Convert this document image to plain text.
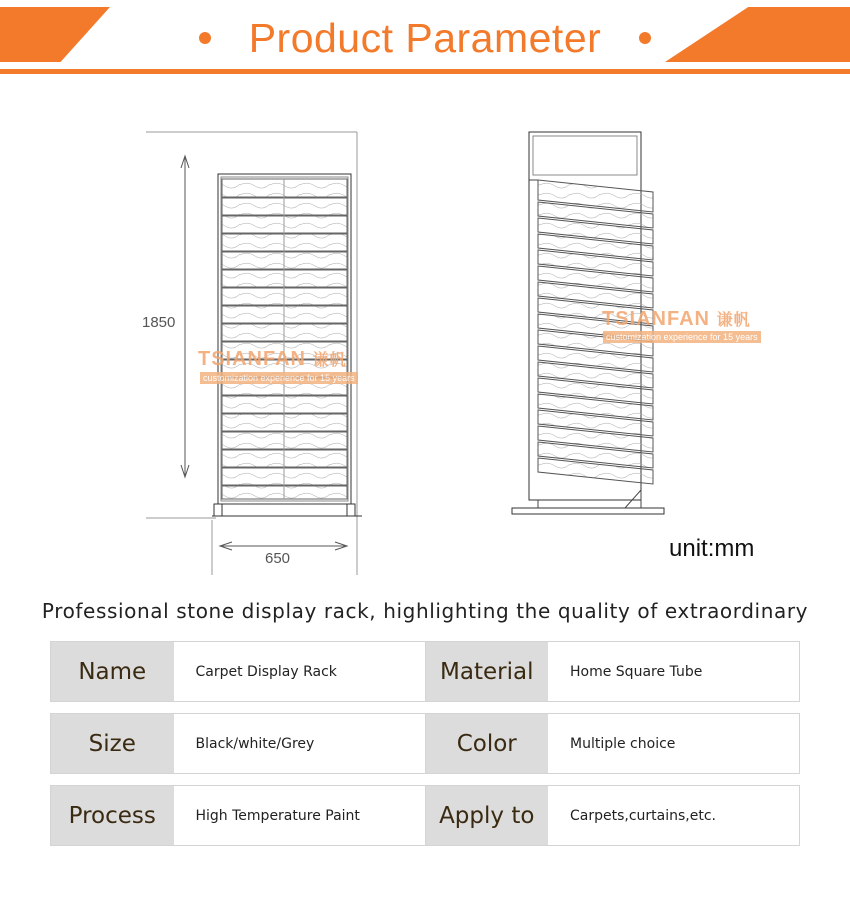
Product Parameter
1850
650
TSIANFAN 谦帆
customization experience for 15 years
TSIANFAN 谦帆
customization experience for 15 years
unit:mm
Professional stone display rack, highlighting the quality of extraordinary
Name	Carpet Display Rack	Material	Home Square Tube
Size	Black/white/Grey	Color	Multiple choice
Process	High Temperature Paint	Apply to	Carpets,curtains,etc.
